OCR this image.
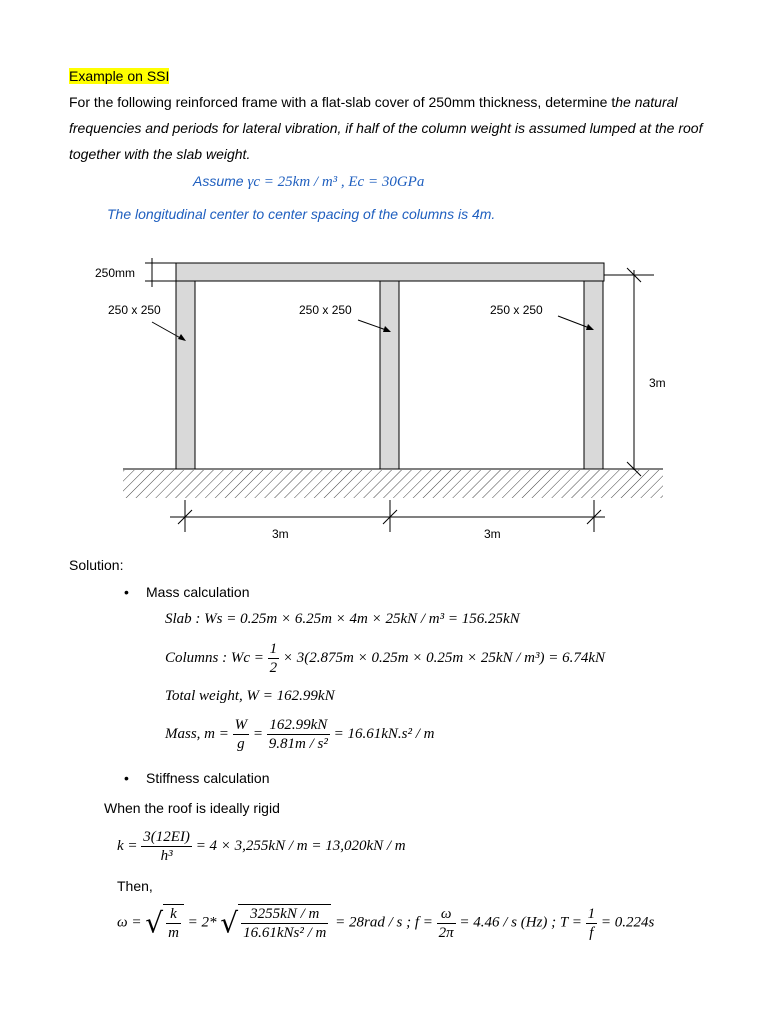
Example on SSI
For the following reinforced frame with a flat-slab cover of 250mm thickness, determine the natural
frequencies and periods for lateral vibration, if half of the column weight is assumed lumped at the roof
together with the slab weight.
Assume γc = 25km / m³ , Ec = 30GPa
The longitudinal center to center spacing of the columns is 4m.
250mm
250 x 250	250 x 250	250 x 250
3m
3m	3m
Solution:
• Mass calculation
Slab : Ws = 0.25m × 6.25m × 4m × 25kN / m³ = 156.25kN
Columns : $Wc = \frac{1}{2} \times 3(2.875m \times 0.25m \times 0.25m \times 25kN / m^3) = 6.74kN$
Total weight, W = 162.99kN
Mass, $m = \frac{W}{g} = \frac{162.99kN}{\text{9.81m / s²}} = 16.61kN.s^2 / m$
• Stiffness calculation
When the roof is ideally rigid
$k = \frac{3(12EI)}{\text{h³}} = 4 \times 3,255kN / m = 13,020kN / m$
Then,
ω = √ $\frac{k}{m} = 2*$ √ $\frac{3255kN / m}{\text{16.61kNs² / m}} = 28rad / s$ ; $f = \frac{\omega}{2\pi} = 4.46 / s$ (Hz) ; $T = \frac{1}{f} = 0.224s$
